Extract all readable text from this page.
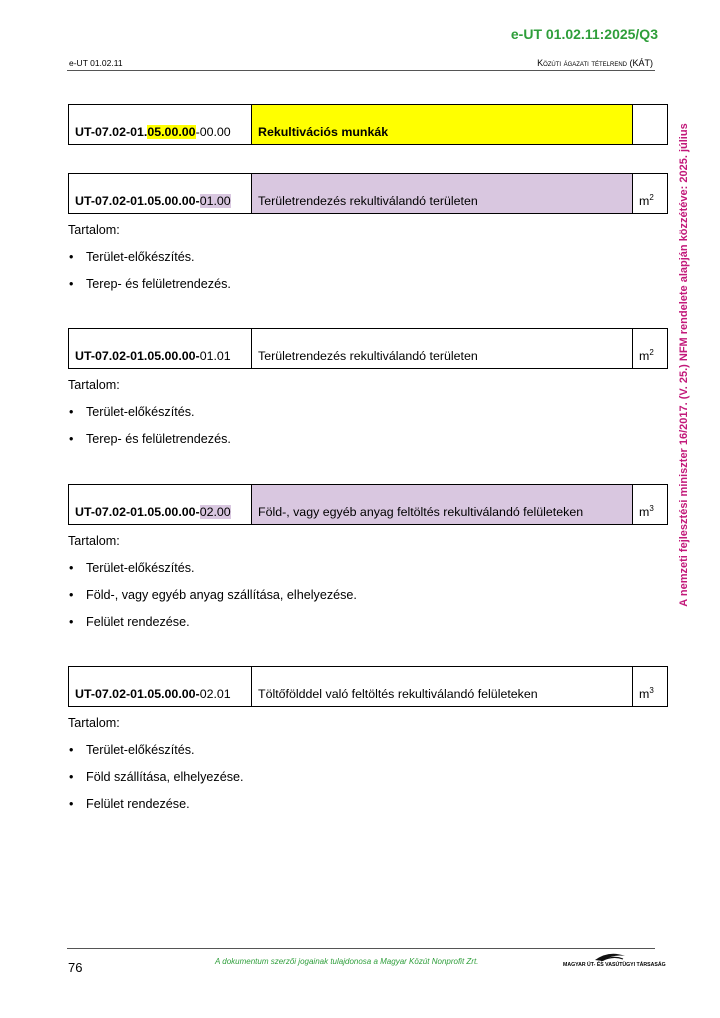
e-UT 01.02.11:2025/Q3
e-UT 01.02.11	Közúti ágazati tételrend (KÁT)
A nemzeti fejlesztési miniszter 16/2017. (V. 25.) NFM rendelete alapján közzétéve: 2025. július
UT-07.02-01.05.00.00-00.00	Rekultivációs munkák	
UT-07.02-01.05.00.00-01.00	Területrendezés rekultiválandó területen	$m^2$
Tartalom:
• Terület-előkészítés.
• Terep- és felületrendezés.
UT-07.02-01.05.00.00-01.01	Területrendezés rekultiválandó területen	$m^2$
Tartalom:
• Terület-előkészítés.
• Terep- és felületrendezés.
UT-07.02-01.05.00.00-02.00	Föld-, vagy egyéb anyag feltöltés rekultiválandó felületeken	$m^3$
Tartalom:
• Terület-előkészítés.
• Föld-, vagy egyéb anyag szállítása, elhelyezése.
• Felület rendezése.
UT-07.02-01.05.00.00-02.01	Töltőfölddel való feltöltés rekultiválandó felületeken	$m^3$
Tartalom:
• Terület-előkészítés.
• Föld szállítása, elhelyezése.
• Felület rendezése.
76	A dokumentum szerzői jogainak tulajdonosa a Magyar Közút Nonprofit Zrt.	MAGYAR ÚT- ÉS VASÚTÜGYI TÁRSASÁG
